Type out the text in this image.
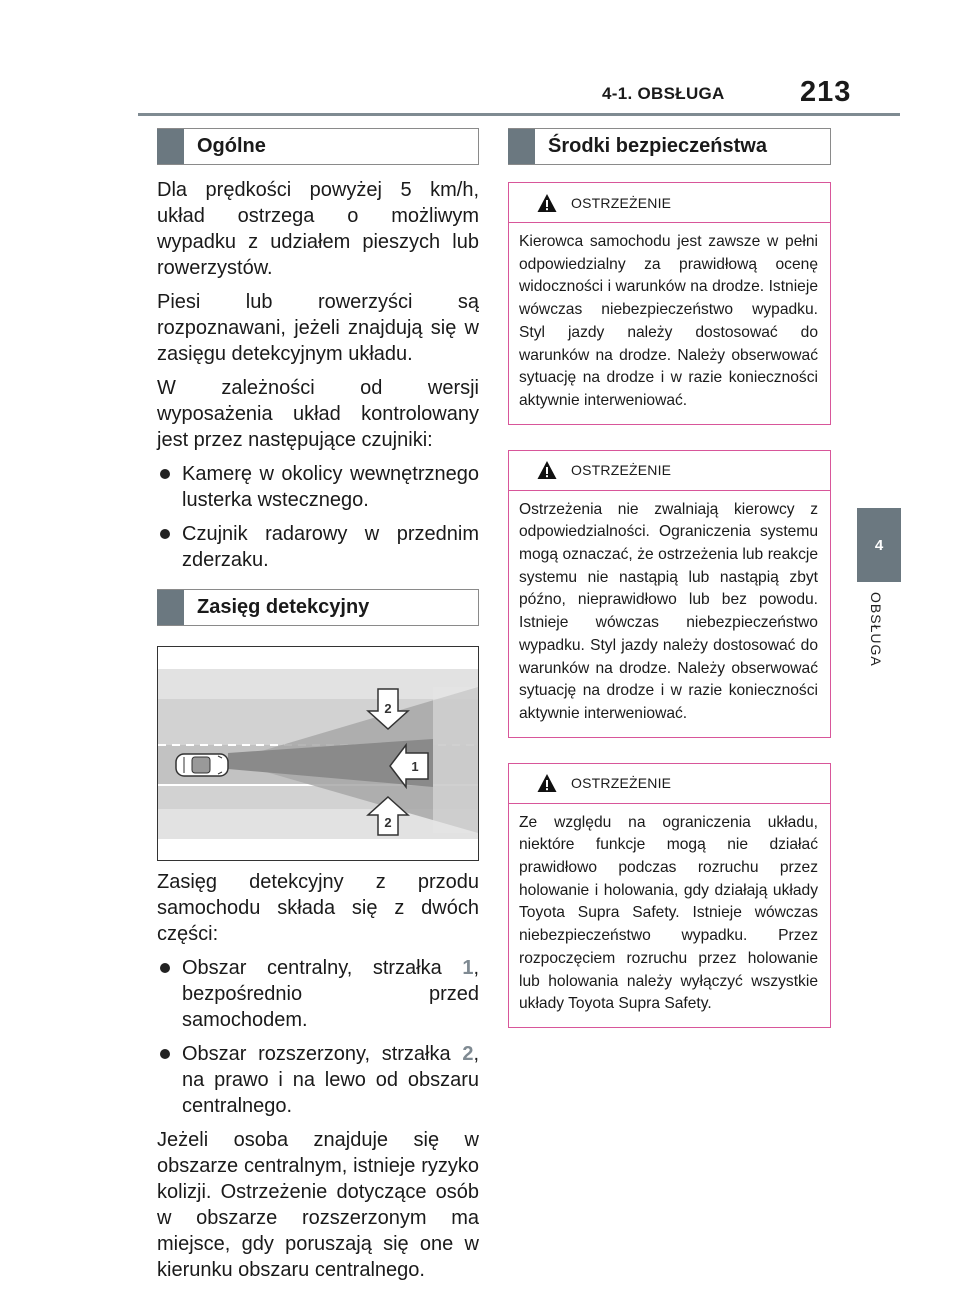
4-1. OBSŁUGA	213
4
OBSŁUGA
Ogólne

Dla prędkości powyżej 5 km/h, układ ostrzega o możliwym wypadku z udziałem pieszych lub rowerzystów.

Piesi lub rowerzyści są rozpoznawani, jeżeli znajdują się w zasięgu detekcyjnym układu.

W zależności od wersji wyposażenia układ kontrolowany jest przez następujące czujniki:

Kamerę w okolicy wewnętrznego lusterka wstecznego.
Czujnik radarowy w przednim zderzaku.
Zasięg detekcyjny
2
1
2

Zasięg detekcyjny z przodu samochodu składa się z dwóch części:

Obszar centralny, strzałka 1, bezpośrednio przed samochodem.
Obszar rozszerzony, strzałka 2, na prawo i na lewo od obszaru centralnego.

Jeżeli osoba znajduje się w obszarze centralnym, istnieje ryzyko kolizji. Ostrzeżenie dotyczące osób w obszarze rozszerzonym ma miejsce, gdy poruszają się one w kierunku obszaru centralnego.

Środki bezpieczeństwa
OSTRZEŻENIE
Kierowca samochodu jest zawsze w pełni odpowiedzialny za prawidłową ocenę widoczności i warunków na drodze. Istnieje wówczas niebezpieczeństwo wypadku. Styl jazdy należy dostosować do warunków na drodze. Należy obserwować sytuację na drodze i w razie konieczności aktywnie interweniować.
OSTRZEŻENIE
Ostrzeżenia nie zwalniają kierowcy z odpowiedzialności. Ograniczenia systemu mogą oznaczać, że ostrzeżenia lub reakcje systemu nie nastąpią lub nastąpią zbyt późno, nieprawidłowo lub bez powodu. Istnieje wówczas niebezpieczeństwo wypadku. Styl jazdy należy dostosować do warunków na drodze. Należy obserwować sytuację na drodze i w razie konieczności aktywnie interweniować.
OSTRZEŻENIE
Ze względu na ograniczenia układu, niektóre funkcje mogą nie działać prawidłowo podczas rozruchu przez holowanie i holowania, gdy działają układy Toyota Supra Safety. Istnieje wówczas niebezpieczeństwo wypadku. Przez rozpoczęciem rozruchu przez holowanie lub holowania należy wyłączyć wszystkie układy Toyota Supra Safety.
